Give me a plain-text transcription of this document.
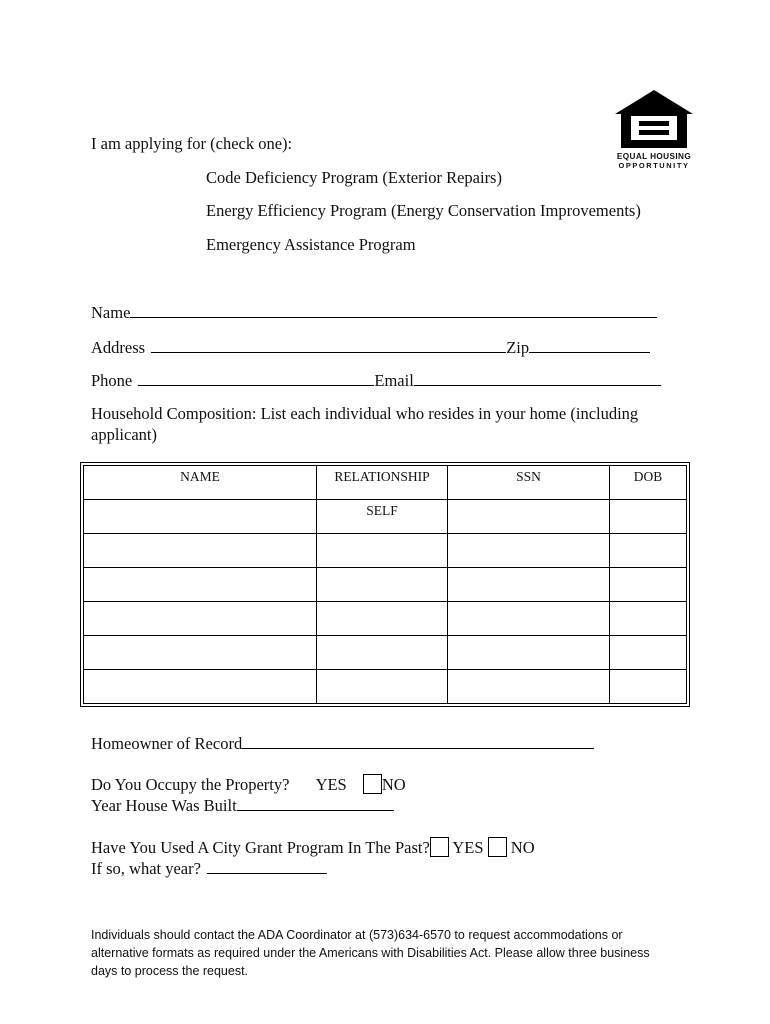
EQUAL HOUSING
OPPORTUNITY
I am applying for (check one):
Code Deficiency Program (Exterior Repairs)
Energy Efficiency Program (Energy Conservation Improvements)
Emergency Assistance Program
Name
Address	Zip
Phone	Email
Household Composition: List each individual who resides in your home (including
applicant)
NAME	RELATIONSHIP	SSN	DOB

	SELF		

Homeowner of Record
Do You Occupy the Property? YES NO
Year House Was Built
Have You Used A City Grant Program In The Past? YES NO
If so, what year?
Individuals should contact the ADA Coordinator at (573)634-6570 to request accommodations or
alternative formats as required under the Americans with Disabilities Act. Please allow three business
days to process the request.
